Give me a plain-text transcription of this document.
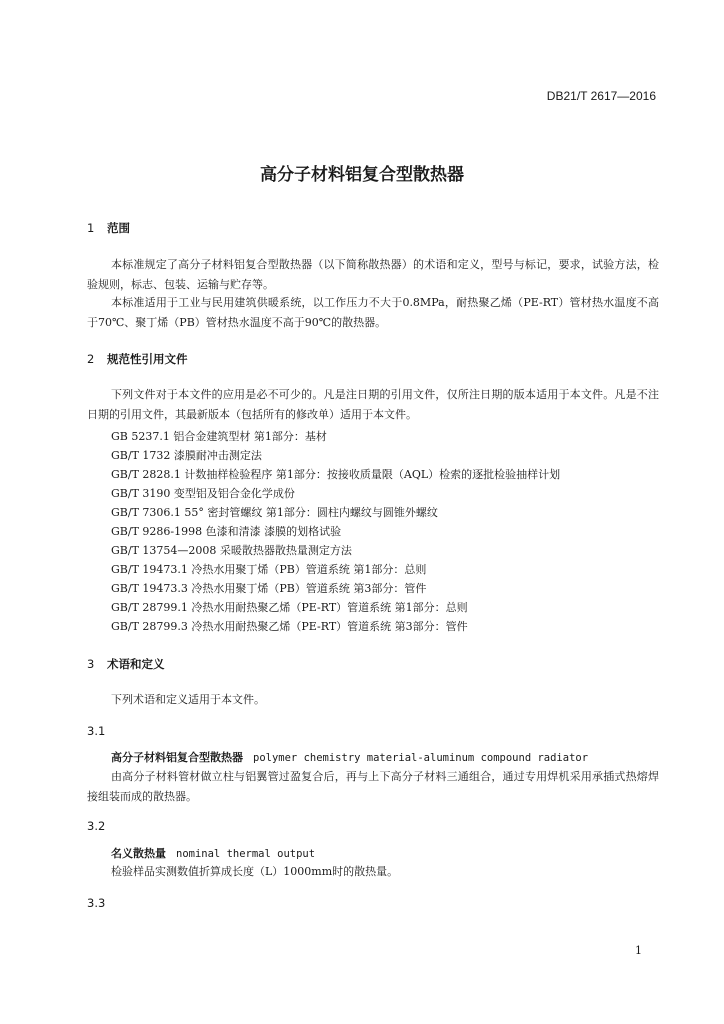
DB21/T 2617—2016
高分子材料铝复合型散热器
1 范围

本标准规定了高分子材料铝复合型散热器（以下简称散热器）的术语和定义，型号与标记，要求，试验方法，检验规则，标志、包装、运输与贮存等。

本标准适用于工业与民用建筑供暖系统，以工作压力不大于0.8MPa，耐热聚乙烯（PE-RT）管材热水温度不高于70℃、聚丁烯（PB）管材热水温度不高于90℃的散热器。

2 规范性引用文件

下列文件对于本文件的应用是必不可少的。凡是注日期的引用文件，仅所注日期的版本适用于本文件。凡是不注日期的引用文件，其最新版本（包括所有的修改单）适用于本文件。

GB 5237.1 铝合金建筑型材 第1部分：基材
GB/T 1732 漆膜耐冲击测定法
GB/T 2828.1 计数抽样检验程序 第1部分：按接收质量限（AQL）检索的逐批检验抽样计划
GB/T 3190 变型铝及铝合金化学成份
GB/T 7306.1 55° 密封管螺纹 第1部分：圆柱内螺纹与圆锥外螺纹
GB/T 9286-1998 色漆和清漆 漆膜的划格试验
GB/T 13754—2008 采暖散热器散热量测定方法
GB/T 19473.1 冷热水用聚丁烯（PB）管道系统 第1部分：总则
GB/T 19473.3 冷热水用聚丁烯（PB）管道系统 第3部分：管件
GB/T 28799.1 冷热水用耐热聚乙烯（PE-RT）管道系统 第1部分：总则
GB/T 28799.3 冷热水用耐热聚乙烯（PE-RT）管道系统 第3部分：管件
3 术语和定义

下列术语和定义适用于本文件。

3.1
高分子材料铝复合型散热器 polymer chemistry material-aluminum compound radiator

由高分子材料管材做立柱与铝翼管过盈复合后，再与上下高分子材料三通组合，通过专用焊机采用承插式热熔焊接组装而成的散热器。

3.2
名义散热量 nominal thermal output

检验样品实测数值折算成长度（L）1000mm时的散热量。

3.3
1
